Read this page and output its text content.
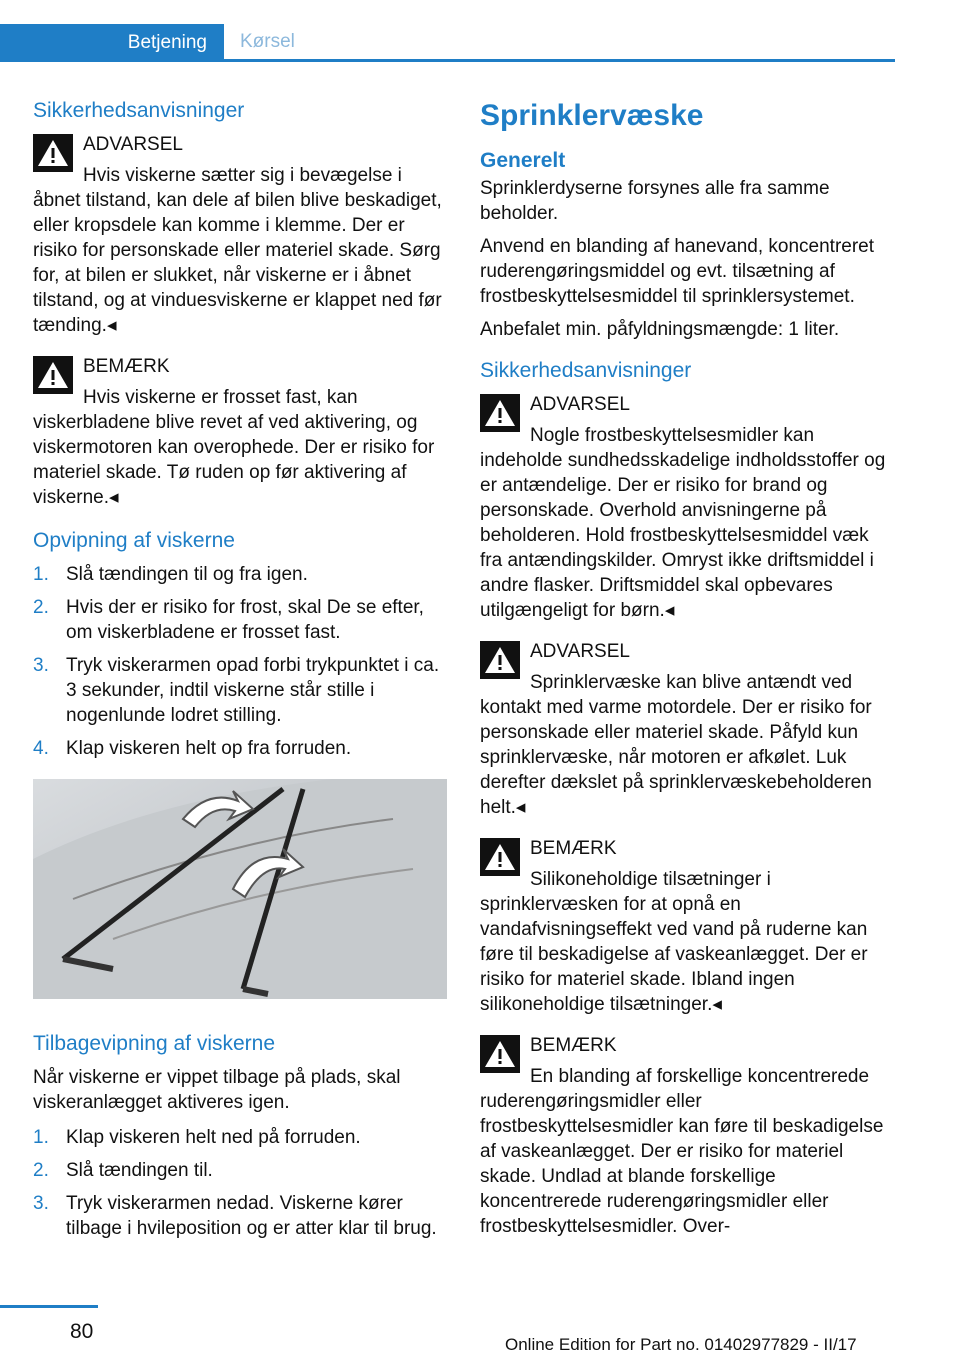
Betjening Kørsel
Sikkerhedsanvisninger
ADVARSEL
Hvis viskerne sætter sig i bevægelse i åbnet tilstand, kan dele af bilen blive beskadiget, eller kropsdele kan komme i klemme. Der er risiko for personskade eller materiel skade. Sørg for, at bilen er slukket, når viskerne er i åbnet tilstand, og at vinduesviskerne er klappet ned før tænding.◂
BEMÆRK
Hvis viskerne er frosset fast, kan viskerbladene blive revet af ved aktivering, og viskermotoren kan overophede. Der er risiko for materiel skade. Tø ruden op før aktivering af viskerne.◂
Opvipning af viskerne
1. Slå tændingen til og fra igen.
2. Hvis der er risiko for frost, skal De se efter, om viskerbladene er frosset fast.
3. Tryk viskerarmen opad forbi trykpunktet i ca. 3 sekunder, indtil viskerne står stille i nogenlunde lodret stilling.
4. Klap viskeren helt op fra forruden.
Tilbagevipning af viskerne

Når viskerne er vippet tilbage på plads, skal viskeranlægget aktiveres igen.

1. Klap viskeren helt ned på forruden.
2. Slå tændingen til.
3. Tryk viskerarmen nedad. Viskerne kører tilbage i hvileposition og er atter klar til brug.
Sprinklervæske
Generelt

Sprinklerdyserne forsynes alle fra samme beholder.

Anvend en blanding af hanevand, koncentreret ruderengøringsmiddel og evt. tilsætning af frostbeskyttelsesmiddel til sprinklersystemet.

Anbefalet min. påfyldningsmængde: 1 liter.

Sikkerhedsanvisninger
ADVARSEL
Nogle frostbeskyttelsesmidler kan indeholde sundhedsskadelige indholdsstoffer og er antændelige. Der er risiko for brand og personskade. Overhold anvisningerne på beholderen. Hold frostbeskyttelsesmiddel væk fra antændingskilder. Omryst ikke driftsmiddel i andre flasker. Driftsmiddel skal opbevares utilgængeligt for børn.◂
ADVARSEL
Sprinklervæske kan blive antændt ved kontakt med varme motordele. Der er risiko for personskade eller materiel skade. Påfyld kun sprinklervæske, når motoren er afkølet. Luk derefter dækslet på sprinklervæskebeholderen helt.◂
BEMÆRK
Silikoneholdige tilsætninger i sprinklervæsken for at opnå en vandafvisningseffekt ved vand på ruderne kan føre til beskadigelse af vaskeanlægget. Der er risiko for materiel skade. Ibland ingen silikoneholdige tilsætninger.◂
BEMÆRK
En blanding af forskellige koncentrerede ruderengøringsmidler eller frostbeskyttelsesmidler kan føre til beskadigelse af vaskeanlægget. Der er risiko for materiel skade. Undlad at blande forskellige koncentrerede ruderengøringsmidler eller frostbeskyttelsesmidler. Over-
80
Online Edition for Part no. 01402977829 - II/17
